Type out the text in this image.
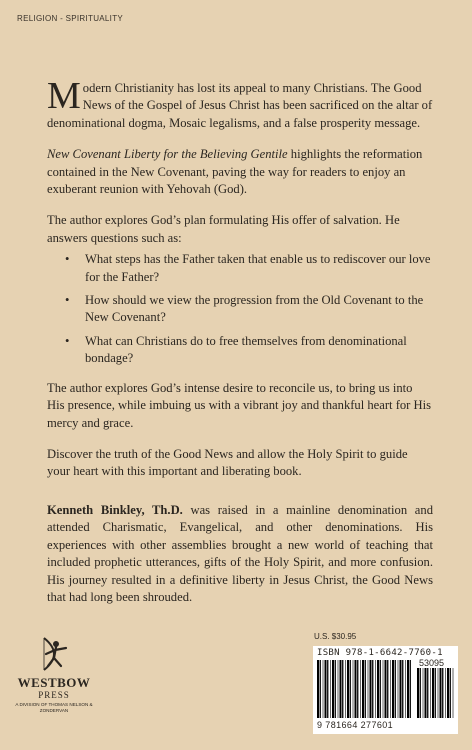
RELIGION - SPIRITUALITY

Modern Christianity has lost its appeal to many Christians. The Good News of the Gospel of Jesus Christ has been sacrificed on the altar of denominational dogma, Mosaic legalisms, and a false prosperity message.

New Covenant Liberty for the Believing Gentile highlights the reformation contained in the New Covenant, paving the way for readers to enjoy an exuberant reunion with Yehovah (God).

The author explores God’s plan formulating His offer of salvation. He answers questions such as:

• What steps has the Father taken that enable us to rediscover our love for the Father?
• How should we view the progression from the Old Covenant to the New Covenant?
• What can Christians do to free themselves from denominational bondage?

The author explores God’s intense desire to reconcile us, to bring us into His presence, while imbuing us with a vibrant joy and thankful heart for His mercy and grace.

Discover the truth of the Good News and allow the Holy Spirit to guide your heart with this important and liberating book.

Kenneth Binkley, Th.D. was raised in a mainline denomination and attended Charismatic, Evangelical, and other denominations. His experiences with other assemblies brought a new world of teaching that included prophetic utterances, gifts of the Holy Spirit, and more confusion. His journey resulted in a definitive liberty in Jesus Christ, the Good News that had long been shrouded.
WESTBOW
PRESS
A DIVISION OF THOMAS NELSON & ZONDERVAN
U.S. $30.95
ISBN 978-1-6642-7760-1
53095
9 781664 277601
